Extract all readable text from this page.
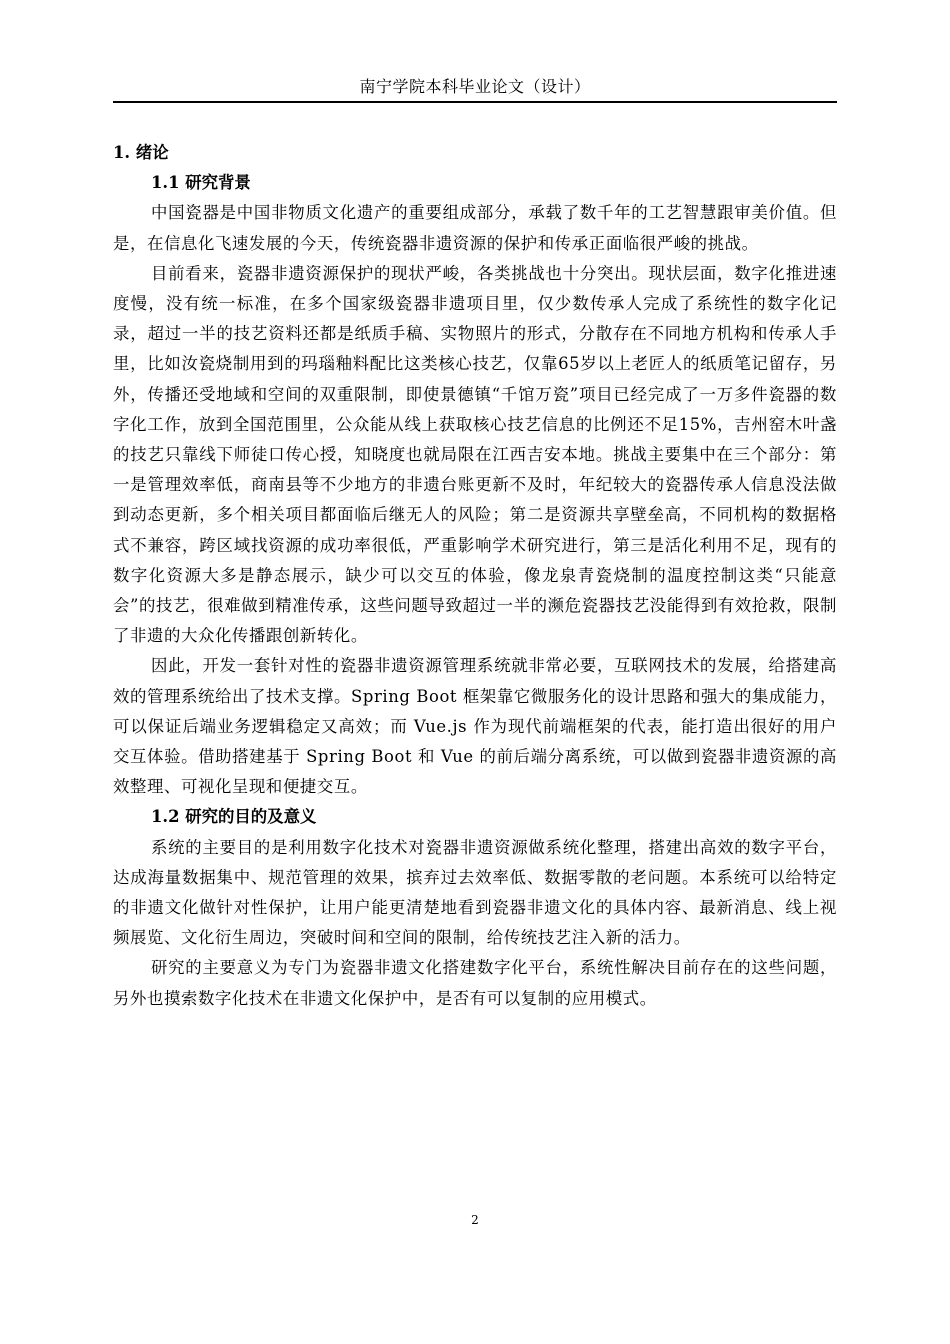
南宁学院本科毕业论文（设计）

1. 绪论

1.1 研究背景

中国瓷器是中国非物质文化遗产的重要组成部分，承载了数千年的工艺智慧跟审美价值。但是，在信息化飞速发展的今天，传统瓷器非遗资源的保护和传承正面临很严峻的挑战。

目前看来，瓷器非遗资源保护的现状严峻，各类挑战也十分突出。现状层面，数字化推进速度慢，没有统一标准，在多个国家级瓷器非遗项目里，仅少数传承人完成了系统性的数字化记录，超过一半的技艺资料还都是纸质手稿、实物照片的形式，分散存在不同地方机构和传承人手里，比如汝瓷烧制用到的玛瑙釉料配比这类核心技艺，仅靠65岁以上老匠人的纸质笔记留存，另外，传播还受地域和空间的双重限制，即使景德镇“千馆万瓷”项目已经完成了一万多件瓷器的数字化工作，放到全国范围里，公众能从线上获取核心技艺信息的比例还不足15%，吉州窑木叶盏的技艺只靠线下师徒口传心授，知晓度也就局限在江西吉安本地。挑战主要集中在三个部分：第一是管理效率低，商南县等不少地方的非遗台账更新不及时，年纪较大的瓷器传承人信息没法做到动态更新，多个相关项目都面临后继无人的风险；第二是资源共享壁垒高，不同机构的数据格式不兼容，跨区域找资源的成功率很低，严重影响学术研究进行，第三是活化利用不足，现有的数字化资源大多是静态展示，缺少可以交互的体验，像龙泉青瓷烧制的温度控制这类“只能意会”的技艺，很难做到精准传承，这些问题导致超过一半的濒危瓷器技艺没能得到有效抢救，限制了非遗的大众化传播跟创新转化。

因此，开发一套针对性的瓷器非遗资源管理系统就非常必要，互联网技术的发展，给搭建高效的管理系统给出了技术支撑。Spring Boot 框架靠它微服务化的设计思路和强大的集成能力，可以保证后端业务逻辑稳定又高效；而 Vue.js 作为现代前端框架的代表，能打造出很好的用户交互体验。借助搭建基于 Spring Boot 和 Vue 的前后端分离系统，可以做到瓷器非遗资源的高效整理、可视化呈现和便捷交互。

1.2 研究的目的及意义

系统的主要目的是利用数字化技术对瓷器非遗资源做系统化整理，搭建出高效的数字平台，达成海量数据集中、规范管理的效果，摈弃过去效率低、数据零散的老问题。本系统可以给特定的非遗文化做针对性保护，让用户能更清楚地看到瓷器非遗文化的具体内容、最新消息、线上视频展览、文化衍生周边，突破时间和空间的限制，给传统技艺注入新的活力。

研究的主要意义为专门为瓷器非遗文化搭建数字化平台，系统性解决目前存在的这些问题，另外也摸索数字化技术在非遗文化保护中，是否有可以复制的应用模式。

2
